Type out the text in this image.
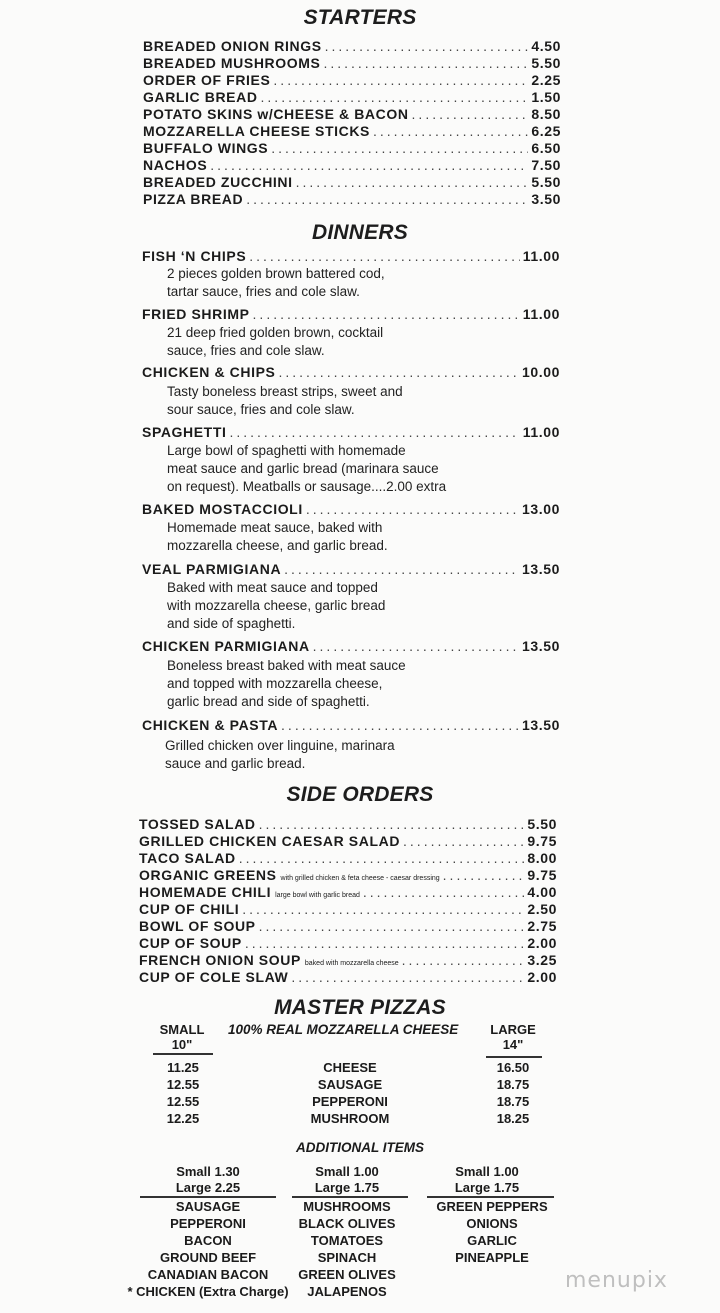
STARTERS
BREADED ONION RINGS .....	4.50
BREADED MUSHROOMS .....	5.50
ORDER OF FRIES .....	2.25
GARLIC BREAD .....	1.50
POTATO SKINS w/CHEESE & BACON .....	8.50
MOZZARELLA CHEESE STICKS .....	6.25
BUFFALO WINGS .....	6.50
NACHOS .....	7.50
BREADED ZUCCHINI .....	5.50
PIZZA BREAD .....	3.50
DINNERS
FISH ‘N CHIPS .....	11.00
2 pieces golden brown battered cod,
tartar sauce, fries and cole slaw.
FRIED SHRIMP .....	11.00
21 deep fried golden brown, cocktail
sauce, fries and cole slaw.
CHICKEN & CHIPS .....	10.00
Tasty boneless breast strips, sweet and
sour sauce, fries and cole slaw.
SPAGHETTI .....	11.00
Large bowl of spaghetti with homemade
meat sauce and garlic bread (marinara sauce
on request). Meatballs or sausage....2.00 extra
BAKED MOSTACCIOLI .....	13.00
Homemade meat sauce, baked with
mozzarella cheese, and garlic bread.
VEAL PARMIGIANA .....	13.50
Baked with meat sauce and topped
with mozzarella cheese, garlic bread
and side of spaghetti.
CHICKEN PARMIGIANA .....	13.50
Boneless breast baked with meat sauce
and topped with mozzarella cheese,
garlic bread and side of spaghetti.
CHICKEN & PASTA .....	13.50
Grilled chicken over linguine, marinara
sauce and garlic bread.
SIDE ORDERS
TOSSED SALAD .....	5.50
GRILLED CHICKEN CAESAR SALAD .....	9.75
TACO SALAD .....	8.00
ORGANIC GREENS with grilled chicken & feta cheese - caesar dressing .....	9.75
HOMEMADE CHILI large bowl with garlic bread .....	4.00
CUP OF CHILI .....	2.50
BOWL OF SOUP .....	2.75
CUP OF SOUP .....	2.00
FRENCH ONION SOUP baked with mozzarella cheese .....	3.25
CUP OF COLE SLAW .....	2.00
MASTER PIZZAS
SMALL
10"
100% REAL MOZZARELLA CHEESE	LARGE
14"
11.25	CHEESE	16.50
12.55	SAUSAGE	18.75
12.55	PEPPERONI	18.75
12.25	MUSHROOM	18.25
ADDITIONAL ITEMS
Small 1.30
Large 2.25
SAUSAGE
PEPPERONI
BACON
GROUND BEEF
CANADIAN BACON
* CHICKEN (Extra Charge)
Small 1.00
Large 1.75
MUSHROOMS
BLACK OLIVES
TOMATOES
SPINACH
GREEN OLIVES
JALAPENOS
Small 1.00
Large 1.75
GREEN PEPPERS
ONIONS
GARLIC
PINEAPPLE
menupix
